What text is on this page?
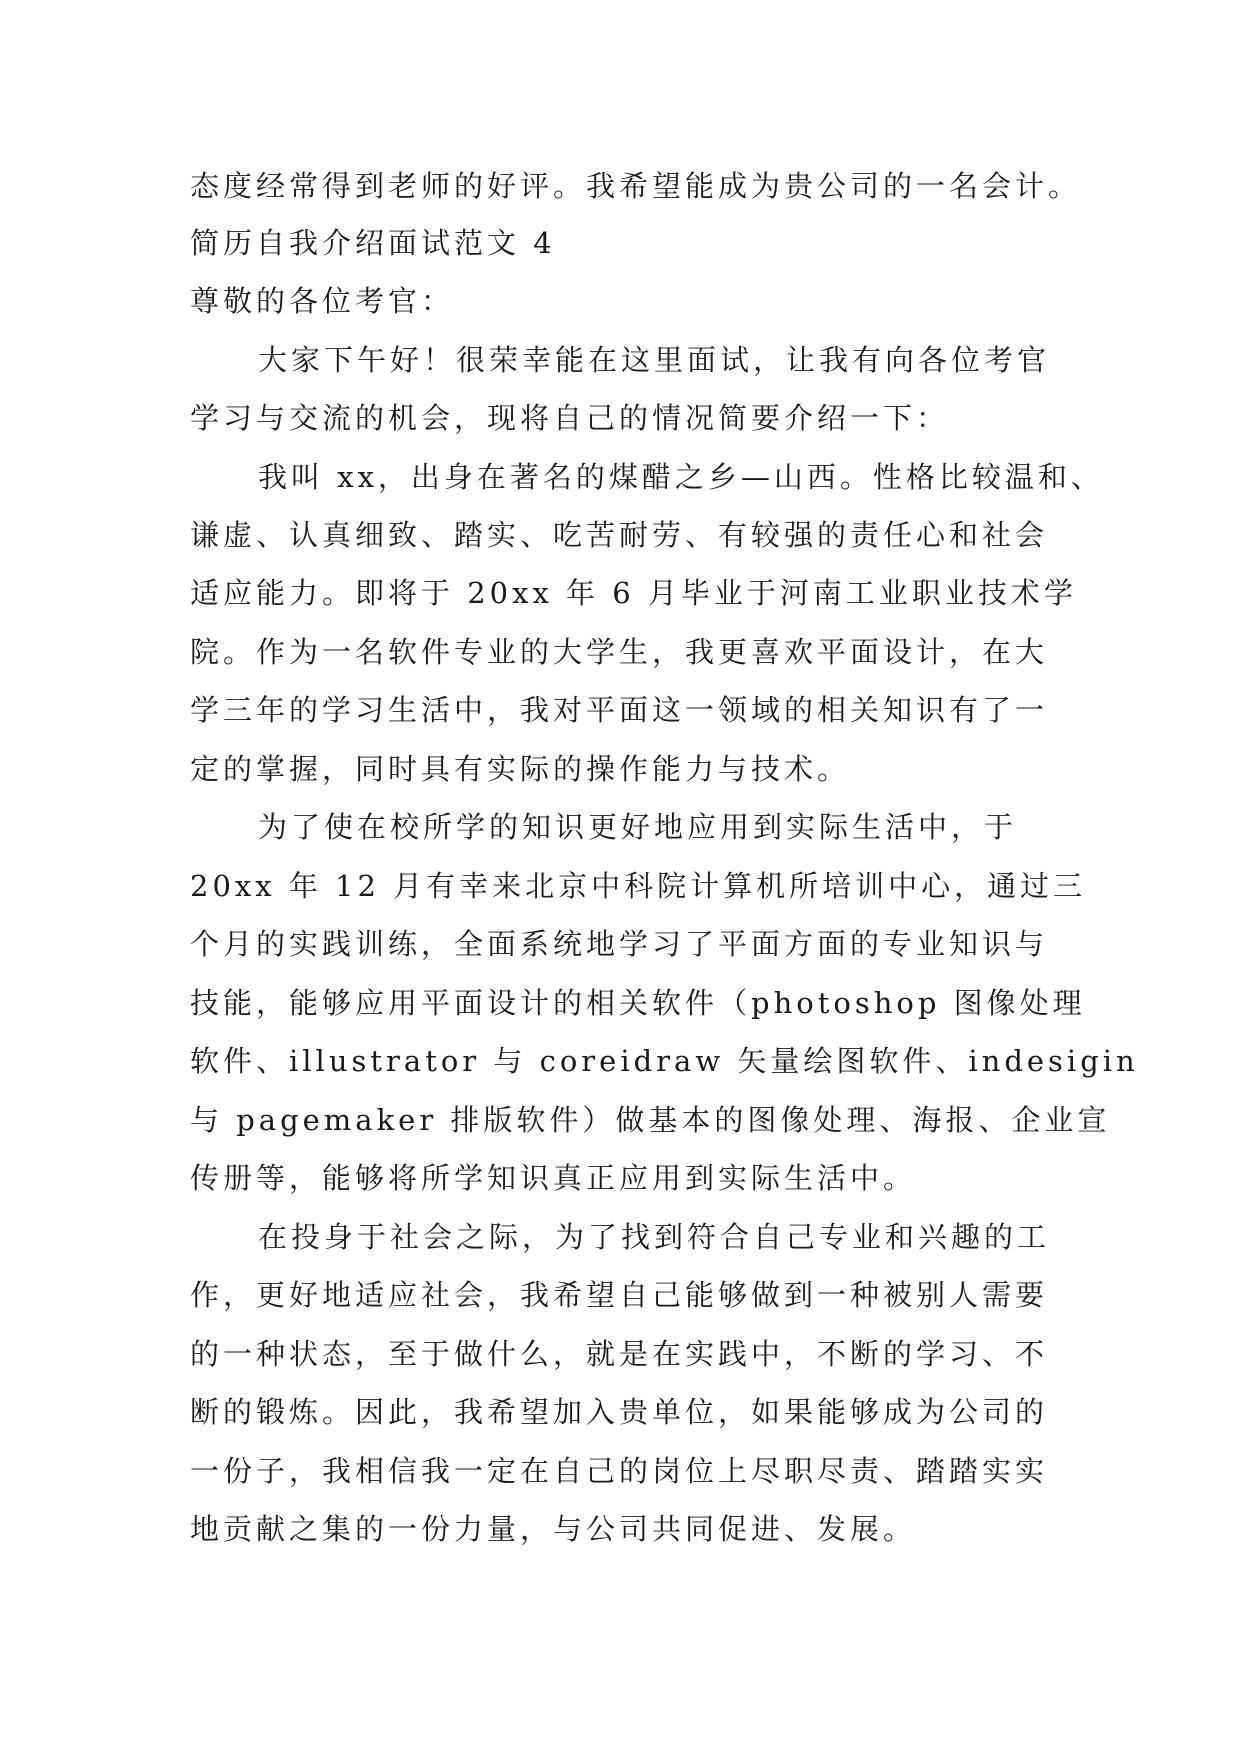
态度经常得到老师的好评。我希望能成为贵公司的一名会计。
简历自我介绍面试范文 4
尊敬的各位考官：
大家下午好！很荣幸能在这里面试，让我有向各位考官
学习与交流的机会，现将自己的情况简要介绍一下：
我叫 xx，出身在著名的煤醋之乡—山西。性格比较温和、
谦虚、认真细致、踏实、吃苦耐劳、有较强的责任心和社会
适应能力。即将于 20xx 年 6 月毕业于河南工业职业技术学
院。作为一名软件专业的大学生，我更喜欢平面设计，在大
学三年的学习生活中，我对平面这一领域的相关知识有了一
定的掌握，同时具有实际的操作能力与技术。
为了使在校所学的知识更好地应用到实际生活中，于
20xx 年 12 月有幸来北京中科院计算机所培训中心，通过三
个月的实践训练，全面系统地学习了平面方面的专业知识与
技能，能够应用平面设计的相关软件（photoshop 图像处理
软件、illustrator 与 coreidraw 矢量绘图软件、indesigin
与 pagemaker 排版软件）做基本的图像处理、海报、企业宣
传册等，能够将所学知识真正应用到实际生活中。
在投身于社会之际，为了找到符合自己专业和兴趣的工
作，更好地适应社会，我希望自己能够做到一种被别人需要
的一种状态，至于做什么，就是在实践中，不断的学习、不
断的锻炼。因此，我希望加入贵单位，如果能够成为公司的
一份子，我相信我一定在自己的岗位上尽职尽责、踏踏实实
地贡献之集的一份力量，与公司共同促进、发展。
